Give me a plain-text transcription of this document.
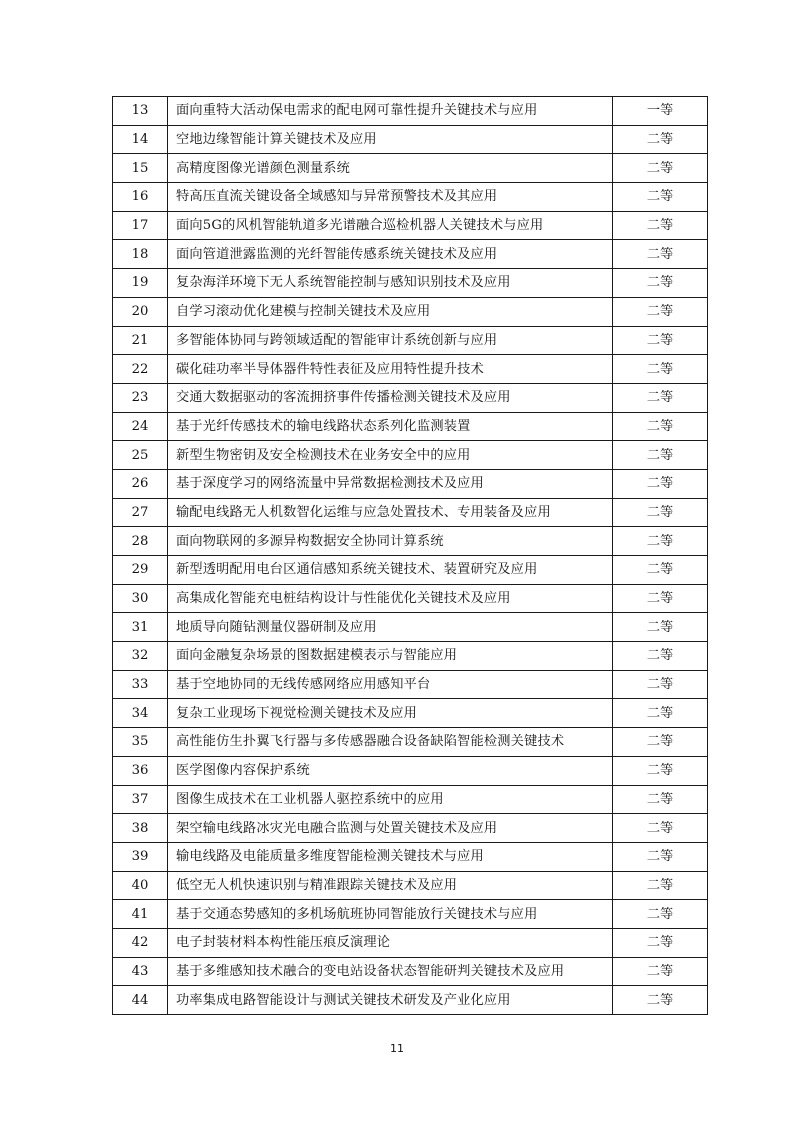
13	面向重特大活动保电需求的配电网可靠性提升关键技术与应用	一等
14	空地边缘智能计算关键技术及应用	二等
15	高精度图像光谱颜色测量系统	二等
16	特高压直流关键设备全域感知与异常预警技术及其应用	二等
17	面向5G的风机智能轨道多光谱融合巡检机器人关键技术与应用	二等
18	面向管道泄露监测的光纤智能传感系统关键技术及应用	二等
19	复杂海洋环境下无人系统智能控制与感知识别技术及应用	二等
20	自学习滚动优化建模与控制关键技术及应用	二等
21	多智能体协同与跨领域适配的智能审计系统创新与应用	二等
22	碳化硅功率半导体器件特性表征及应用特性提升技术	二等
23	交通大数据驱动的客流拥挤事件传播检测关键技术及应用	二等
24	基于光纤传感技术的输电线路状态系列化监测装置	二等
25	新型生物密钥及安全检测技术在业务安全中的应用	二等
26	基于深度学习的网络流量中异常数据检测技术及应用	二等
27	输配电线路无人机数智化运维与应急处置技术、专用装备及应用	二等
28	面向物联网的多源异构数据安全协同计算系统	二等
29	新型透明配用电台区通信感知系统关键技术、装置研究及应用	二等
30	高集成化智能充电桩结构设计与性能优化关键技术及应用	二等
31	地质导向随钻测量仪器研制及应用	二等
32	面向金融复杂场景的图数据建模表示与智能应用	二等
33	基于空地协同的无线传感网络应用感知平台	二等
34	复杂工业现场下视觉检测关键技术及应用	二等
35	高性能仿生扑翼飞行器与多传感器融合设备缺陷智能检测关键技术	二等
36	医学图像内容保护系统	二等
37	图像生成技术在工业机器人驱控系统中的应用	二等
38	架空输电线路冰灾光电融合监测与处置关键技术及应用	二等
39	输电线路及电能质量多维度智能检测关键技术与应用	二等
40	低空无人机快速识别与精准跟踪关键技术及应用	二等
41	基于交通态势感知的多机场航班协同智能放行关键技术与应用	二等
42	电子封装材料本构性能压痕反演理论	二等
43	基于多维感知技术融合的变电站设备状态智能研判关键技术及应用	二等
44	功率集成电路智能设计与测试关键技术研发及产业化应用	二等
11
